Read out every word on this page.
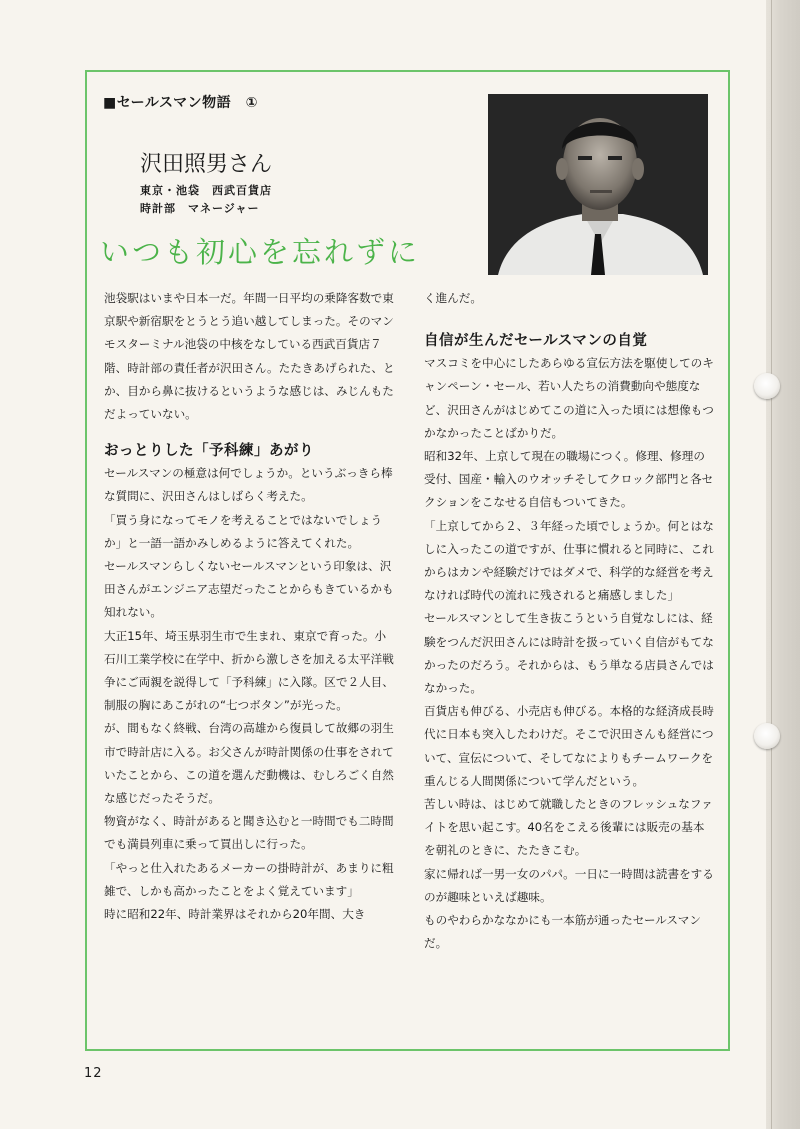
■セールスマン物語　①
沢田照男さん
東京・池袋　西武百貨店
時計部　マネージャー
いつも初心を忘れずに

池袋駅はいまや日本一だ。年間一日平均の乗降客数で東京駅や新宿駅をとうとう追い越してしまった。そのマンモスターミナル池袋の中核をなしている西武百貨店７階、時計部の責任者が沢田さん。たたきあげられた、とか、目から鼻に抜けるというような感じは、みじんもただよっていない。

おっとりした「予科練」あがり

セールスマンの極意は何でしょうか。というぶっきら棒な質問に、沢田さんはしばらく考えた。

「買う身になってモノを考えることではないでしょうか」と一語一語かみしめるように答えてくれた。

セールスマンらしくないセールスマンという印象は、沢田さんがエンジニア志望だったことからもきているかも知れない。

大正15年、埼玉県羽生市で生まれ、東京で育った。小石川工業学校に在学中、折から激しさを加える太平洋戦争にご両親を説得して「予科練」に入隊。区で２人目、制服の胸にあこがれの“七つボタン”が光った。

が、間もなく終戦、台湾の高雄から復員して故郷の羽生市で時計店に入る。お父さんが時計関係の仕事をされていたことから、この道を選んだ動機は、むしろごく自然な感じだったそうだ。

物資がなく、時計があると聞き込むと一時間でも二時間でも満員列車に乗って買出しに行った。

「やっと仕入れたあるメーカーの掛時計が、あまりに粗雑で、しかも高かったことをよく覚えています」

時に昭和22年、時計業界はそれから20年間、大き

く進んだ。

自信が生んだセールスマンの自覚

マスコミを中心にしたあらゆる宣伝方法を駆使してのキャンペーン・セール、若い人たちの消費動向や態度など、沢田さんがはじめてこの道に入った頃には想像もつかなかったことばかりだ。

昭和32年、上京して現在の職場につく。修理、修理の受付、国産・輸入のウオッチそしてクロック部門と各セクションをこなせる自信もついてきた。

「上京してから２、３年経った頃でしょうか。何とはなしに入ったこの道ですが、仕事に慣れると同時に、これからはカンや経験だけではダメで、科学的な経営を考えなければ時代の流れに残されると痛感しました」

セールスマンとして生き抜こうという自覚なしには、経験をつんだ沢田さんには時計を扱っていく自信がもてなかったのだろう。それからは、もう単なる店員さんではなかった。

百貨店も伸びる、小売店も伸びる。本格的な経済成長時代に日本も突入したわけだ。そこで沢田さんも経営について、宣伝について、そしてなによりもチームワークを重んじる人間関係について学んだという。

苦しい時は、はじめて就職したときのフレッシュなファイトを思い起こす。40名をこえる後輩には販売の基本を朝礼のときに、たたきこむ。

家に帰れば一男一女のパパ。一日に一時間は読書をするのが趣味といえば趣味。

ものやわらかななかにも一本筋が通ったセールスマンだ。

12
